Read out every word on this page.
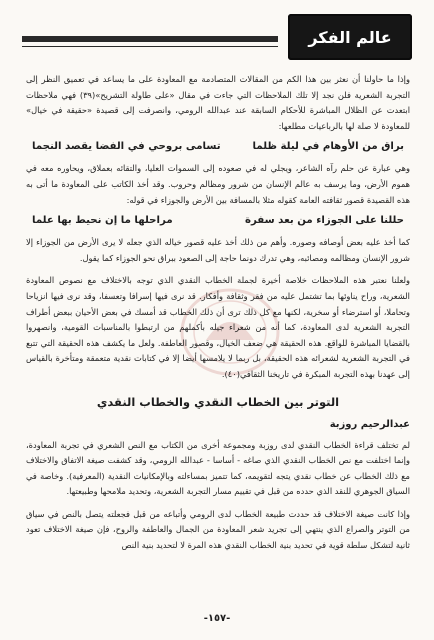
عالم الفكر

وإذا ما حاولنا أن نعثر بين هذا الكم من المقالات المتصادمة مع المعاودة على ما يساعد في تعميق النظر إلى التجربة الشعرية فلن نجد إلا تلك الملاحظات التي جاءت في مقال «على طاولة التشريح»(٣٩) فهي ملاحظات ابتعدت عن الظلال المباشرة للأحكام السابقة عند عبدالله الرومي، وانصرفت إلى قصيدة «حقيقة في خيال» للمعاودة لا صلة لها بالرباعيات مطلعها:

براق من الأوهام في ليلة ظلما
تسامى بروحي في الفضا يقصد النجما

وهي عبارة عن حلم رآه الشاعر، ويجلي له في صعوده إلى السموات العليا، والتقائه بعملاق، ويحاوره معه في هموم الأرض، وما يرسف به عالم الإنسان من شرور ومظالم وحروب. وقد أخذ الكاتب على المعاودة ما أتى به هذه القصيدة قصور ثقافته العامة كقوله مثلا بالمسافة بين الأرض والجوزاء في قوله:

حللنا على الجوزاء من بعد سفرة
مراحلها ما إن نحيط بها علما

كما أخذ عليه بعض أوصافه وصوره. وأهم من ذلك أخذ عليه قصور خياله الذي جعله لا يرى الأرض من الجوزاء إلا شرور الإنسان ومظالمه ومصائبه، وهي تدرك دونما حاجة إلى الصعود ببراق نحو الجوزاء كما يقول.

ولعلنا نعتبر هذه الملاحظات خلاصة أخيرة لجملة الخطاب النقدي الذي توجه بالاختلاف مع نصوص المعاودة الشعرية، وراح يناوئها بما تشتمل عليه من فقر وثقافة وأفكار. قد نرى فيها إسرافا وتعسفا، وقد نرى فيها انزياحا وتحاملا، أو استرضاء أو سخرية، لكنها مع كل ذلك ترى أن ذلك الخطاب قد أمسك في بعض الأحيان ببعض أطراف التجربة الشعرية لدى المعاودة، كما أنه من شعراء جيله بأكملهم من ارتبطوا بالمناسبات القومية، وانصهروا بالقضايا المباشرة للواقع. هذه الحقيقة هي ضعف الخيال، وقصور العاطفة. ولعل ما يكشف هذه الحقيقة التي تتبع في التجربة الشعرية لشعرائه هذه الحقيقة، بل ربما لا يلامسها أيضا إلا في كتابات نقدية متعمقة ومتأخرة بالقياس إلى عهدنا بهذه التجربة المبكرة في تاريخنا الثقافي(٤٠).

التوتر بين الخطاب النقدي والخطاب النقدي
عبدالرحيم روزبة

لم تختلف قراءة الخطاب النقدي لدى روزبة ومجموعة أخرى من الكتاب مع النص الشعري في تجربة المعاودة، وإنما اختلفت مع نص الخطاب النقدي الذي صاغه - أساسا - عبدالله الرومي، وقد كشفت صيغة الاتفاق والاختلاف مع ذلك الخطاب عن خطاب نقدي يتجه لتقويمه، كما تتميز بمساءلته وبالإمكانيات النقدية (المعرفية). وخاصة في السياق الجوهري للنقد الذي حدده من قبل في تقييم مسار التجربة الشعرية، وتحديد ملامحها وطبيعتها.

وإذا كانت صيغة الاختلاف قد حددت طبيعة الخطاب لدى الرومي وأتباعه من قبل فجعلته يتصل بالنص في سياق من التوتر والصراع الذي ينتهي إلى تجريد شعر المعاودة من الجمال والعاطفة والروح، فإن صيغة الاختلاف تعود ثانية لتشكل سلطة قوية في تحديد بنية الخطاب النقدي هذه المرة لا لتحديد بنية النص

-١٥٧-
